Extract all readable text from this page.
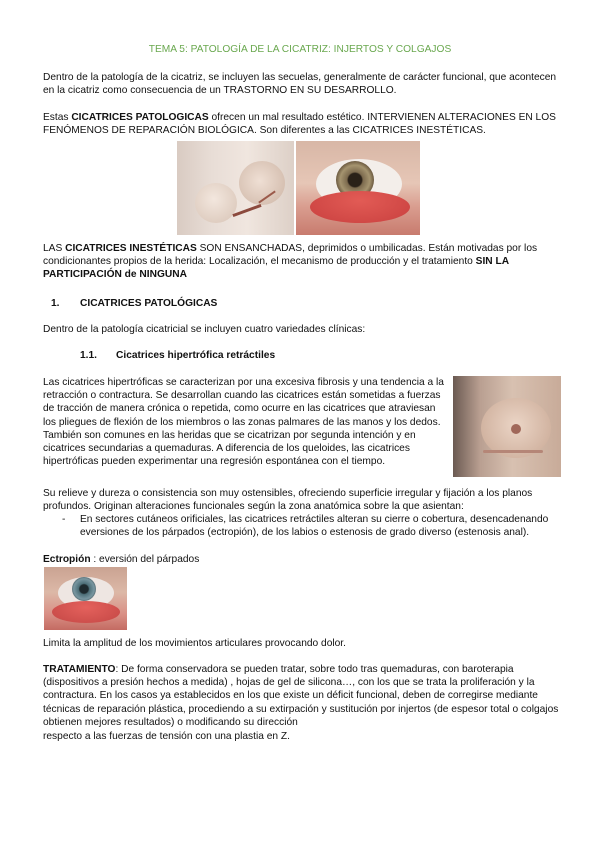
TEMA 5: PATOLOGÍA DE LA CICATRIZ: INJERTOS Y COLGAJOS

Dentro de la patología de la cicatriz, se incluyen las secuelas, generalmente de carácter funcional, que acontecen en la cicatriz como consecuencia de un TRASTORNO EN SU DESARROLLO.

Estas CICATRICES PATOLOGICAS ofrecen un mal resultado estético. INTERVIENEN ALTERACIONES EN LOS FENÓMENOS DE REPARACIÓN BIOLÓGICA. Son diferentes a las CICATRICES INESTÉTICAS.

LAS CICATRICES INESTÉTICAS SON ENSANCHADAS, deprimidos o umbilicadas. Están motivadas por los condicionantes propios de la herida: Localización, el mecanismo de producción y el tratamiento SIN LA PARTICIPACIÓN de NINGUNA

1. CICATRICES PATOLÓGICAS

Dentro de la patología cicatricial se incluyen cuatro variedades clínicas:

1.1. Cicatrices hipertrófica retráctiles

Las cicatrices hipertróficas se caracterizan por una excesiva fibrosis y una tendencia a la retracción o contractura. Se desarrollan cuando las cicatrices están sometidas a fuerzas de tracción de manera crónica o repetida, como ocurre en las cicatrices que atraviesan los pliegues de flexión de los miembros o las zonas palmares de las manos y los dedos. También son comunes en las heridas que se cicatrizan por segunda intención y en cicatrices secundarias a quemaduras. A diferencia de los queloides, las cicatrices hipertróficas pueden experimentar una regresión espontánea con el tiempo.

Su relieve y dureza o consistencia son muy ostensibles, ofreciendo superficie irregular y fijación a los planos profundos. Originan alteraciones funcionales según la zona anatómica sobre la que asientan:

- En sectores cutáneos orificiales, las cicatrices retráctiles alteran su cierre o cobertura, desencadenando eversiones de los párpados (ectropión), de los labios o estenosis de grado diverso (estenosis anal).

Ectropión : eversión del párpados

Limita la amplitud de los movimientos articulares provocando dolor.

TRATAMIENTO: De forma conservadora se pueden tratar, sobre todo tras quemaduras, con baroterapia (dispositivos a presión hechos a medida) , hojas de gel de silicona…, con los que se trata la proliferación y la contractura. En los casos ya establecidos en los que existe un déficit funcional, deben de corregirse mediante técnicas de reparación plástica, procediendo a su extirpación y sustitución por injertos (de espesor total o colgajos obtienen mejores resultados) o modificando su dirección

respecto a las fuerzas de tensión con una plastia en Z.
